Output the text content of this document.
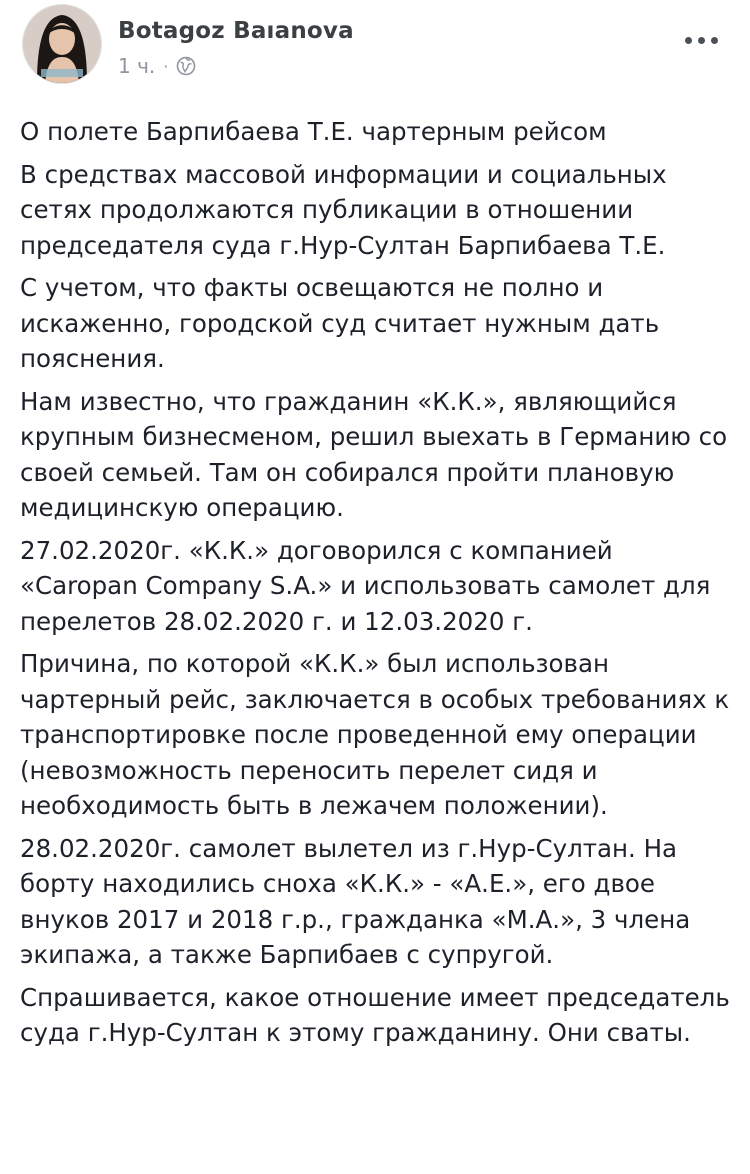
Botagoz Baıanova
1 ч. ·

О полете Барпибаева Т.Е. чартерным рейсом

В средствах массовой информации и социальных сетях продолжаются публикации в отношении председателя суда г.Нур-Султан Барпибаева Т.Е.

С учетом, что факты освещаются не полно и искаженно, городской суд считает нужным дать пояснения.

Нам известно, что гражданин «К.К.», являющийся крупным бизнесменом, решил выехать в Германию со своей семьей. Там он собирался пройти плановую медицинскую операцию.

27.02.2020г. «К.К.» договорился с компанией «Caropan Company S.A.» и использовать самолет для перелетов 28.02.2020 г. и 12.03.2020 г.

Причина, по которой «К.К.» был использован чартерный рейс, заключается в особых требованиях к транспортировке после проведенной ему операции (невозможность переносить перелет сидя и необходимость быть в лежачем положении).

28.02.2020г. самолет вылетел из г.Нур-Султан. На борту находились сноха «К.К.» - «А.Е.», его двое внуков 2017 и 2018 г.р., гражданка «М.А.», 3 члена экипажа, а также Барпибаев с супругой.

Спрашивается, какое отношение имеет председатель суда г.Нур-Султан к этому гражданину. Они сваты.
